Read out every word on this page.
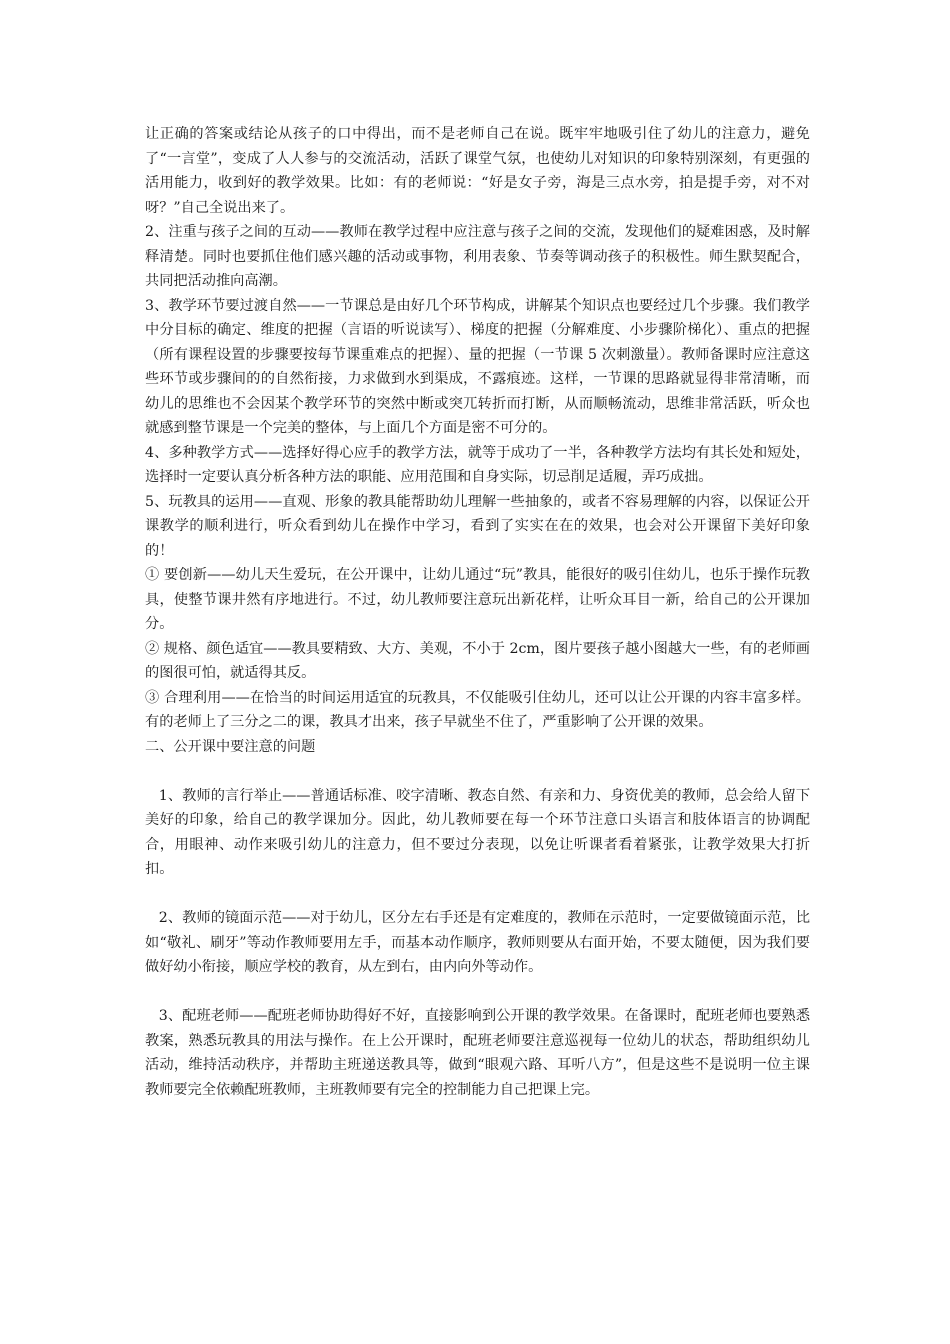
让正确的答案或结论从孩子的口中得出，而不是老师自己在说。既牢牢地吸引住了幼儿的注意力，避免了“一言堂”，变成了人人参与的交流活动，活跃了课堂气氛，也使幼儿对知识的印象特别深刻，有更强的活用能力，收到好的教学效果。比如：有的老师说：“好是女子旁，海是三点水旁，拍是提手旁，对不对呀？”自己全说出来了。

2、注重与孩子之间的互动——教师在教学过程中应注意与孩子之间的交流，发现他们的疑难困惑，及时解释清楚。同时也要抓住他们感兴趣的活动或事物，利用表象、节奏等调动孩子的积极性。师生默契配合，共同把活动推向高潮。

3、教学环节要过渡自然——一节课总是由好几个环节构成，讲解某个知识点也要经过几个步骤。我们教学中分目标的确定、维度的把握（言语的听说读写）、梯度的把握（分解难度、小步骤阶梯化）、重点的把握（所有课程设置的步骤要按每节课重难点的把握）、量的把握（一节课 5 次刺激量）。教师备课时应注意这些环节或步骤间的的自然衔接，力求做到水到渠成，不露痕迹。这样，一节课的思路就显得非常清晰，而幼儿的思维也不会因某个教学环节的突然中断或突兀转折而打断，从而顺畅流动，思维非常活跃，听众也就感到整节课是一个完美的整体，与上面几个方面是密不可分的。

4、多种教学方式——选择好得心应手的教学方法，就等于成功了一半，各种教学方法均有其长处和短处，选择时一定要认真分析各种方法的职能、应用范围和自身实际，切忌削足适履，弄巧成拙。

5、玩教具的运用——直观、形象的教具能帮助幼儿理解一些抽象的，或者不容易理解的内容，以保证公开课教学的顺利进行，听众看到幼儿在操作中学习，看到了实实在在的效果，也会对公开课留下美好印象的！

① 要创新——幼儿天生爱玩，在公开课中，让幼儿通过“玩”教具，能很好的吸引住幼儿，也乐于操作玩教具，使整节课井然有序地进行。不过，幼儿教师要注意玩出新花样，让听众耳目一新，给自己的公开课加分。

② 规格、颜色适宜——教具要精致、大方、美观，不小于 2cm，图片要孩子越小图越大一些，有的老师画的图很可怕，就适得其反。

③ 合理利用——在恰当的时间运用适宜的玩教具，不仅能吸引住幼儿，还可以让公开课的内容丰富多样。有的老师上了三分之二的课，教具才出来，孩子早就坐不住了，严重影响了公开课的效果。

二、公开课中要注意的问题

1、教师的言行举止——普通话标准、咬字清晰、教态自然、有亲和力、身资优美的教师，总会给人留下美好的印象，给自己的教学课加分。因此，幼儿教师要在每一个环节注意口头语言和肢体语言的协调配合，用眼神、动作来吸引幼儿的注意力，但不要过分表现，以免让听课者看着紧张，让教学效果大打折扣。

2、教师的镜面示范——对于幼儿，区分左右手还是有定难度的，教师在示范时，一定要做镜面示范，比如“敬礼、刷牙”等动作教师要用左手，而基本动作顺序，教师则要从右面开始，不要太随便，因为我们要做好幼小衔接，顺应学校的教育，从左到右，由内向外等动作。

3、配班老师——配班老师协助得好不好，直接影响到公开课的教学效果。在备课时，配班老师也要熟悉教案，熟悉玩教具的用法与操作。在上公开课时，配班老师要注意巡视每一位幼儿的状态，帮助组织幼儿活动，维持活动秩序，并帮助主班递送教具等，做到“眼观六路、耳听八方”，但是这些不是说明一位主课教师要完全依赖配班教师，主班教师要有完全的控制能力自己把课上完。
